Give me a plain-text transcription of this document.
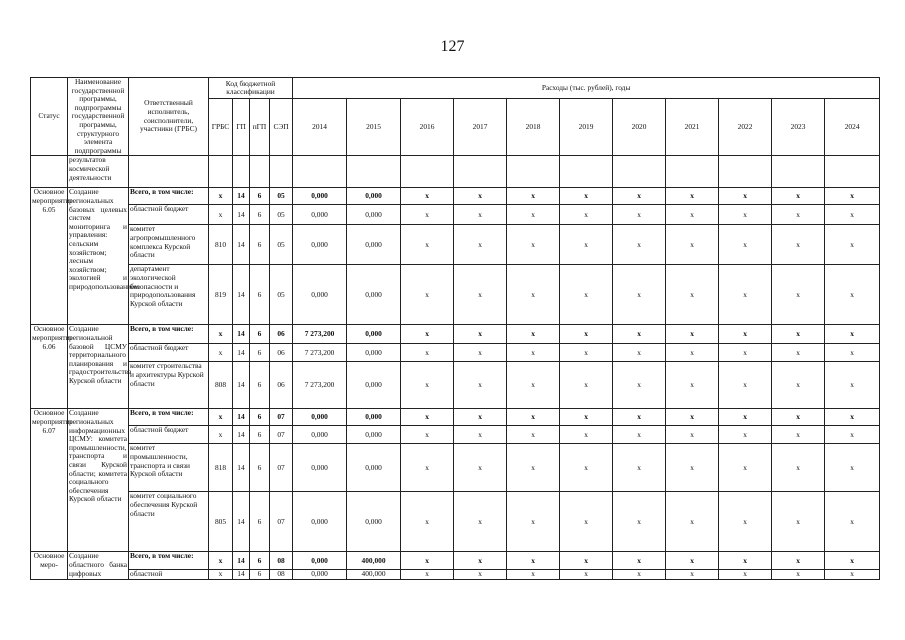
127
Статус	Наименование государственной программы, подпрограммы государственной программы, структурного элемента подпрограммы	Ответственный исполнитель, соисполнители, участники (ГРБС)	Код бюджетной классификации				Расходы (тыс. рублей), годы										
			ГРБС	ГП	пГП	СЭП	2014	2015	2016	2017	2018	2019	2020	2021	2022	2023	2024
	результатов космической деятельности																
Основное мероприятие 6.05	Создание региональных базовых целевых систем мониторинга и управления: сельским хозяйством; лесным хозяйством; экологией и природопользованием	Всего, в том числе:	х	14	6	05	0,000	0,000	х	х	х	х	х	х	х	х	х
		областной бюджет	х	14	6	05	0,000	0,000	х	х	х	х	х	х	х	х	х
		комитет агропромышленного комплекса Курской области	810	14	6	05	0,000	0,000	х	х	х	х	х	х	х	х	х
		департамент экологической безопасности и природопользования Курской области	819	14	6	05	0,000	0,000	х	х	х	х	х	х	х	х	х
Основное мероприятие 6.06	Создание региональной базовой ЦСМУ территориального планирования и градостроительства Курской области	Всего, в том числе:	х	14	6	06	7 273,200	0,000	х	х	х	х	х	х	х	х	х
		областной бюджет	х	14	6	06	7 273,200	0,000	х	х	х	х	х	х	х	х	х
		комитет строительства и архитектуры Курской области	808	14	6	06	7 273,200	0,000	х	х	х	х	х	х	х	х	х
Основное мероприятие 6.07	Создание региональных информационных ЦСМУ: комитета промышленности, транспорта и связи Курской области; комитета социального обеспечения Курской области	Всего, в том числе:	х	14	6	07	0,000	0,000	х	х	х	х	х	х	х	х	х
		областной бюджет	х	14	6	07	0,000	0,000	х	х	х	х	х	х	х	х	х
		комитет промышленности, транспорта и связи Курской области	818	14	6	07	0,000	0,000	х	х	х	х	х	х	х	х	х
		комитет социального обеспечения Курской области	805	14	6	07	0,000	0,000	х	х	х	х	х	х	х	х	х
Основное меро-	Создание областного банка цифровых	Всего, в том числе:	х	14	6	08	0,000	400,000	х	х	х	х	х	х	х	х	х
		областной	х	14	6	08	0,000	400,000	х	х	х	х	х	х	х	х	х
